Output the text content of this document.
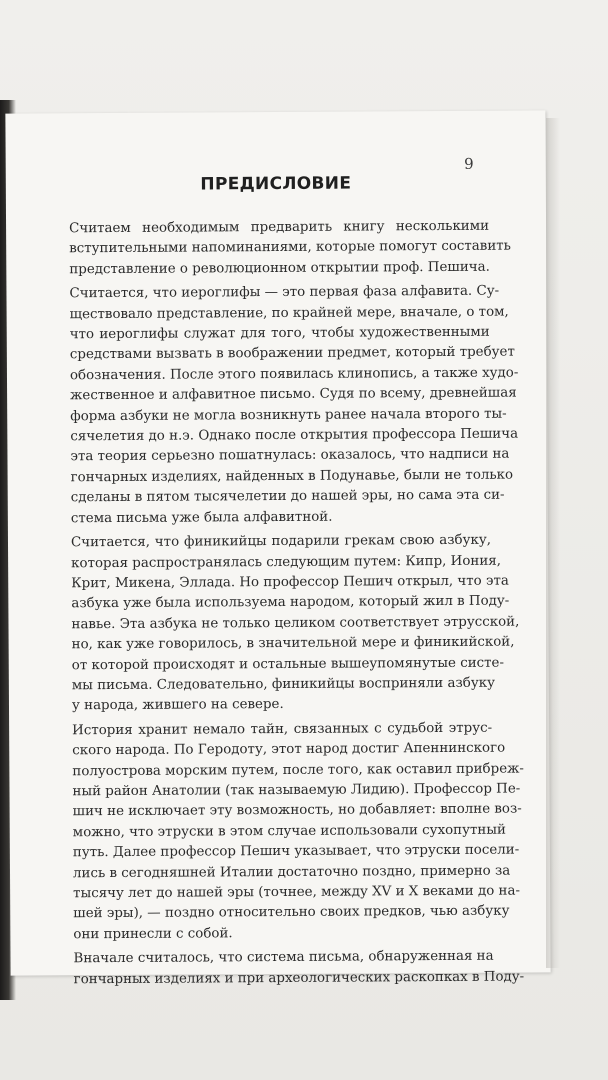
9
ПРЕДИСЛОВИЕ

Считаем необходимым предварить книгу несколькими
вступительными напоминаниями, которые помогут составить
представление о революционном открытии проф. Пешича.

Считается, что иероглифы — это первая фаза алфавита. Су-
ществовало представление, по крайней мере, вначале, о том,
что иероглифы служат для того, чтобы художественными
средствами вызвать в воображении предмет, который требует
обозначения. После этого появилась клинопись, а также худо-
жественное и алфавитное письмо. Судя по всему, древнейшая
форма азбуки не могла возникнуть ранее начала второго ты-
сячелетия до н.э. Однако после открытия профессора Пешича
эта теория серьезно пошатнулась: оказалось, что надписи на
гончарных изделиях, найденных в Подунавье, были не только
сделаны в пятом тысячелетии до нашей эры, но сама эта си-
стема письма уже была алфавитной.

Считается, что финикийцы подарили грекам свою азбуку,
которая распространялась следующим путем: Кипр, Иония,
Крит, Микена, Эллада. Но профессор Пешич открыл, что эта
азбука уже была используема народом, который жил в Поду-
навье. Эта азбука не только целиком соответствует этрусской,
но, как уже говорилось, в значительной мере и финикийской,
от которой происходят и остальные вышеупомянутые систе-
мы письма. Следовательно, финикийцы восприняли азбуку
у народа, жившего на севере.

История хранит немало тайн, связанных с судьбой этрус-
ского народа. По Геродоту, этот народ достиг Апеннинского
полуострова морским путем, после того, как оставил прибреж-
ный район Анатолии (так называемую Лидию). Профессор Пе-
шич не исключает эту возможность, но добавляет: вполне воз-
можно, что этруски в этом случае использовали сухопутный
путь. Далее профессор Пешич указывает, что этруски посели-
лись в сегодняшней Италии достаточно поздно, примерно за
тысячу лет до нашей эры (точнее, между XV и X веками до на-
шей эры), — поздно относительно своих предков, чью азбуку
они принесли с собой.

Вначале считалось, что система письма, обнаруженная на
гончарных изделиях и при археологических раскопках в Поду-
